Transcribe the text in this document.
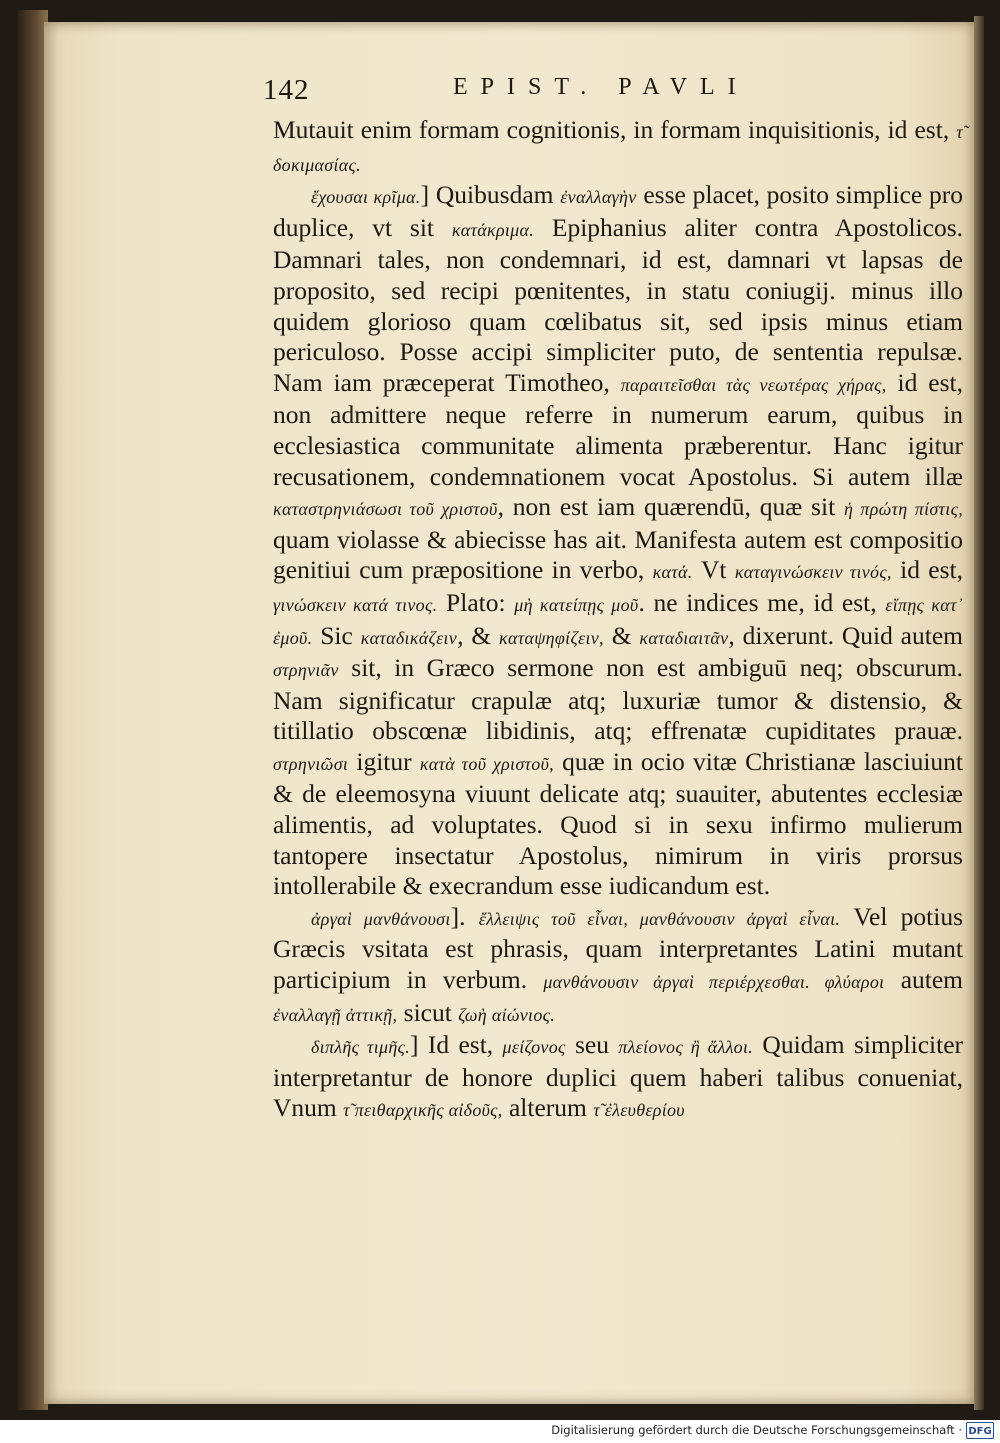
142	EPIST. PAVLI

Mutauit enim formam cognitionis, in formam inquisitionis, id est, τ̃ δοκιμασίας.

ἔχουσαι κρῖμα.] Quibusdam ἐναλλαγὴν esse placet, posito simplice pro duplice, vt sit κατάκριμα. Epiphanius aliter contra Apostolicos. Damnari tales, non condemnari, id est, damnari vt lapsas de proposito, sed recipi pœnitentes, in statu coniugij. minus illo quidem glorioso quam cœlibatus sit, sed ipsis minus etiam periculoso. Posse accipi simpliciter puto, de sententia repulsæ. Nam iam præceperat Timotheo, παραιτεῖσθαι τὰς νεωτέρας χήρας, id est, non admittere neque referre in numerum earum, quibus in ecclesiastica communitate alimenta præberentur. Hanc igitur recusationem, condemnationem vocat Apostolus. Si autem illæ καταστρηνιάσωσι τοῦ χριστοῦ, non est iam quærendū, quæ sit ἡ πρώτη πίστις, quam violasse & abiecisse has ait. Manifesta autem est compositio genitiui cum præpositione in verbo, κατά. Vt καταγινώσκειν τινός, id est, γινώσκειν κατά τινος. Plato: μὴ κατείπῃς μοῦ. ne indices me, id est, εἴπῃς κατ᾽ ἐμοῦ. Sic καταδικάζειν, & καταψηφίζειν, & καταδιαιτᾶν, dixerunt. Quid autem στρηνιᾶν sit, in Græco sermone non est ambiguū neq; obscurum. Nam significatur crapulæ atq; luxuriæ tumor & distensio, & titillatio obscœnæ libidinis, atq; effrenatæ cupiditates prauæ. στρηνιῶσι igitur κατὰ τοῦ χριστοῦ, quæ in ocio vitæ Christianæ lasciuiunt & de eleemosyna viuunt delicate atq; suauiter, abutentes ecclesiæ alimentis, ad voluptates. Quod si in sexu infirmo mulierum tantopere insectatur Apostolus, nimirum in viris prorsus intollerabile & execrandum esse iudicandum est.

ἀργαὶ μανθάνουσι]. ἔλλειψις τοῦ εἶναι, μανθάνουσιν ἀργαὶ εἶναι. Vel potius Græcis vsitata est phrasis, quam interpretantes Latini mutant participium in verbum. μανθάνουσιν ἀργαὶ περιέρχεσθαι. φλύαροι autem ἐναλλαγῇ ἀττικῇ, sicut ζωὴ αἰώνιος.

διπλῆς τιμῆς.] Id est, μείζονος seu πλείονος ἢ ἄλλοι. Quidam simpliciter interpretantur de honore duplici quem haberi talibus conueniat, Vnum τ̃ πειθαρχικῆς αἰδοῦς, alterum τ̃ ἐλευθερίου

Digitalisierung gefördert durch die Deutsche Forschungsgemeinschaft · DFG
